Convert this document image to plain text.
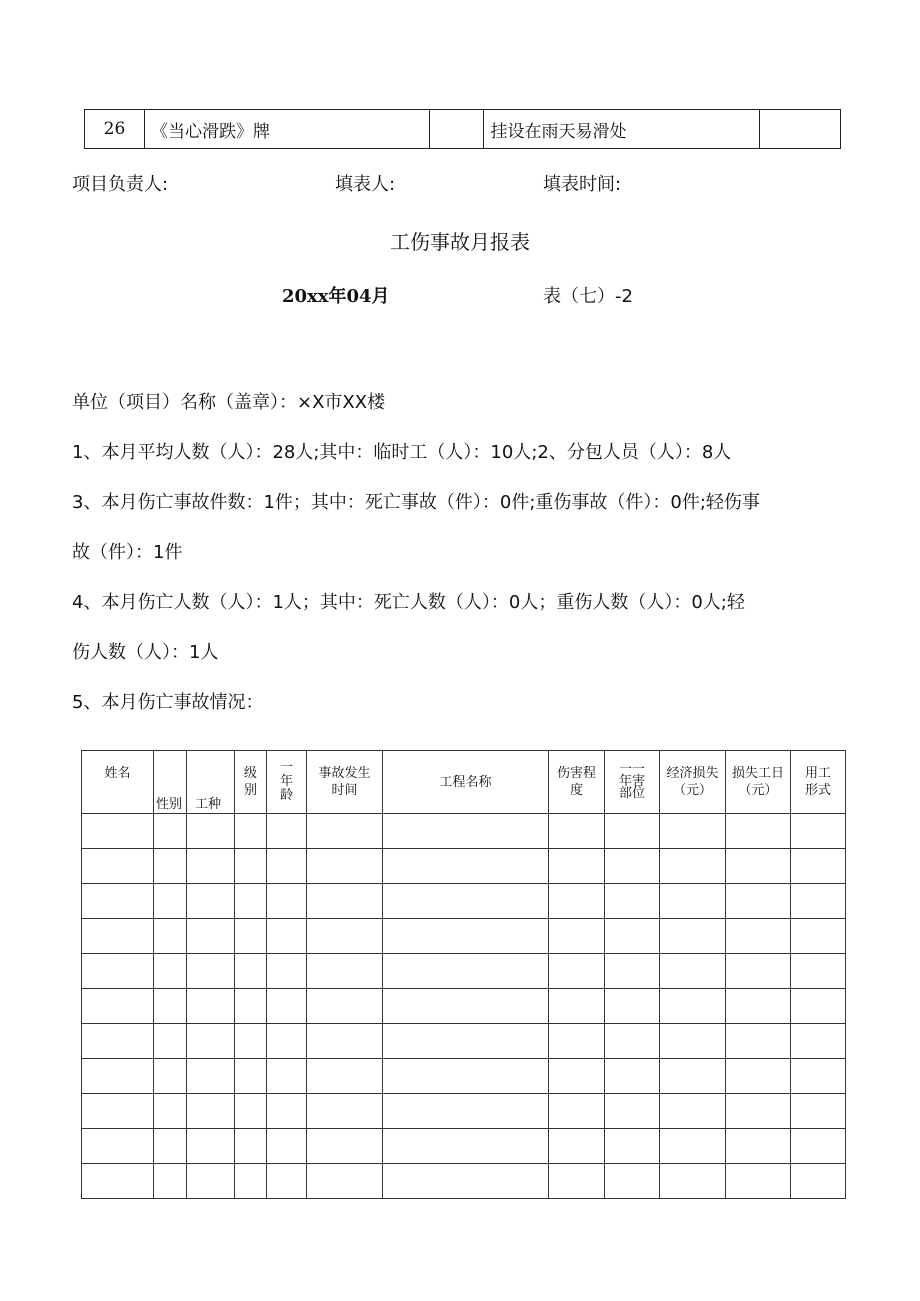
26	《当心滑跌》牌		挂设在雨天易滑处	
项目负责人:	填表人:	填表时间:
工伤事故月报表
20xx年04月	表（七）-2
单位（项目）名称（盖章）：×X市XX楼
1、本月平均人数（人）：28人;其中：临时工（人）：10人;2、分包人员（人）：8人
3、本月伤亡事故件数：1件；其中：死亡事故（件）：0件;重伤事故（件）：0件;轻伤事
故（件）：1件
4、本月伤亡人数（人）：1人；其中：死亡人数（人）：0人；重伤人数（人）：0人;轻
伤人数（人）：1人
5、本月伤亡事故情况：
姓名	性别	工种	级别	一年龄	事故发生时间	工程名称	伤害程度	一一年害部位	经济损失（元）	损失工日（元）	用工形式
